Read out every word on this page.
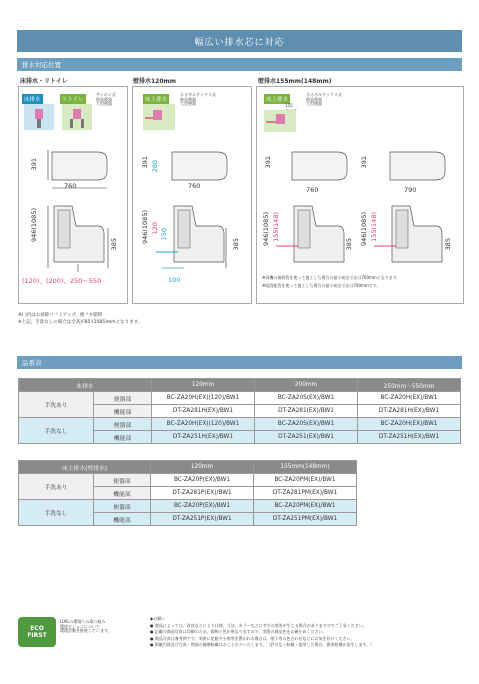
幅広い排水芯に対応
排水対応位置
床排水・リトイレ	壁排水120mm	壁排水155mm(148mm)
床排水	リトイレ
サイホン式
防臭便器
大型便器
391
760
946(1085)
385
(120)、(200)、250〜550
床上排水
ネオボルテックス式
防臭便器
大型便器
391 280
760
946(1085) 120 150
385
100
床上排水
ネオボルテックス式
防臭便器
大型便器
155

391
760
391
790
946(1085) 155(148)
385 946(1085) 155(148)
385
※両機の接続管を使って施工した場合の最小前出寸法は760mmとなります。
※既設配管を使って施工した場合の最小前出寸法は790mmです。
※( )内はお掃除リフトアップ、便フタ開時
※上記、手洗なしの場合は全高が85‧(1085)mmとなります。
品番表
床排水		120mm	200mm	250mm〜550mm
手洗あり	便器部	BC-ZA20H(EX)(120)/BW1	BC-ZA20S(EX)/BW1	BC-ZA20H(EX)/BW1
	機能部	DT-ZA281H(EX)/BW1	DT-ZA281(EX)/BW1	DT-ZA281H(EX)/BW1
手洗なし	便器部	BC-ZA20H(EX)(120)/BW1	BC-ZA20S(EX)/BW1	BC-ZA20H(EX)/BW1
	機能部	DT-ZA251H(EX)/BW1	DT-ZA251(EX)/BW1	DT-ZA251H(EX)/BW1
床上排水(壁排水)		120mm	155mm(148mm)
手洗あり	便器部	BC-ZA20P(EX)/BW1	BC-ZA20PM(EX)/BW1
	機能部	DT-ZA281P(EX)/BW1	DT-ZA281PM(EX)/BW1
手洗なし	便器部	BC-ZA20P(EX)/BW1	BC-ZA20PM(EX)/BW1
	機能部	DT-ZA251P(EX)/BW1	DT-ZA251PM(EX)/BW1
ECO
FIRST
LIXILの環境への取り組み
環境ビジョンについて
環境活動を推進しています。
◆お願い
● 商品によっては、改良などにより仕様、寸法、カラーなどに多少の変更が生じる場合がありますのでご了承ください。
● 記載の商品写真は印刷のため、現物と色が異なりますので、実際の商品色をお確かめください。
● 商品写真は参考例です。実際に花瓶や小物等を置かれる場合は、壁下等の色合わせなどにお気を付けください。
● 掲載内容及び写真・図面の無断転載はおことわりいたします。（許可なく転載・流用した場合、損害賠償が発生します。）
